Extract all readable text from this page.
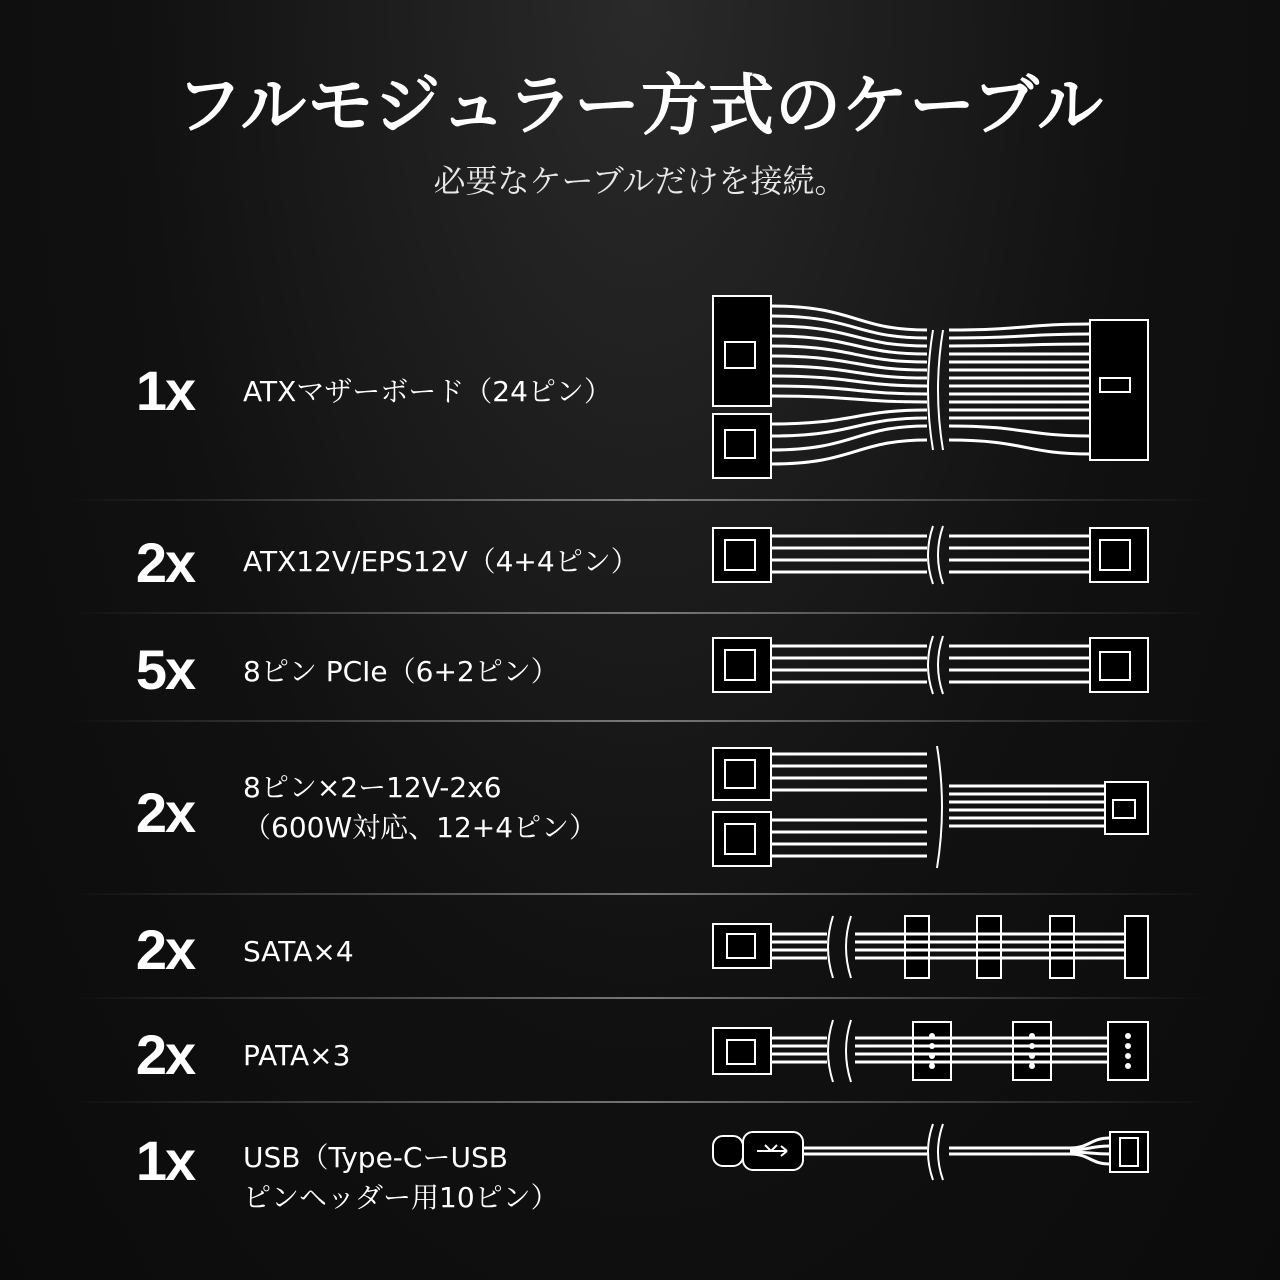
フルモジュラー方式のケーブル
必要なケーブルだけを接続。
1x	ATXマザーボード（24ピン）
2x	ATX12V/EPS12V（4+4ピン）
5x	8ピン PCIe（6+2ピン）
2x	8ピン×2ー12V-2x6
（600W対応、12+4ピン）
2x	SATA×4
2x	PATA×3
1x	USB（Type-CーUSB
ピンヘッダー用10ピン）
